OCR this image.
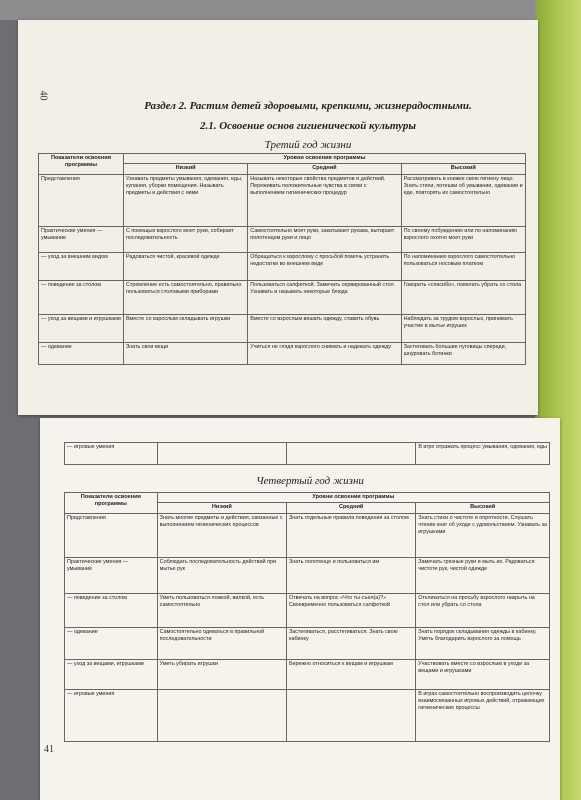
40
Раздел 2. Растим детей здоровыми, крепкими, жизнерадостными.
2.1. Освоение основ гигиенической культуры
Третий год жизни
Показатели освоения программы	Уровни освоения программы		
	Низкий	Средний	Высокий
Представления	Узнавать предметы умывания, одевания, еды, купания, уборки помещения. Называть предметы и действия с ними	Называть некоторые свойства предметов и действий. Переживать положительные чувства в связи с выполнением гигиенических процедур	Рассматривать в книжке свою гигиену лицо. Знать стихи, потешки об умывании, одевании и еде, повторять их самостоятельно
Практические умения — умывание	С помощью взрослого моет руки, собирает последовательность	Самостоятельно моет руки, закатывает рукава, вытирает полотенцем руки и лицо	По своему побуждению или по напоминанию взрослого охотно моет руки
— уход за внешним видом	Радоваться чистой, красивой одежде	Обращаться к взрослому с просьбой помочь устранить недостатки во внешнем виде	По напоминанию взрослого самостоятельно пользоваться носовым платком
— поведение за столом	Стремление есть самостоятельно, правильно пользоваться столовыми приборами	Пользоваться салфеткой. Замечать сервированный стол. Узнавать и называть некоторые блюда	Говорить «спасибо», помогать убрать со стола
— уход за вещами и игрушками	Вместе со взрослым складывать игрушки	Вместе со взрослым вешать одежду, ставить обувь	Наблюдать за трудом взрослых, принимать участие в мытье игрушек
— одевание	Знать свои вещи	Учиться не глядя взрослого снимать и надевать одежду	Застегивать большие пуговицы спереди, шнуровать ботинки
— игровые умения			В игре отражать процесс умывания, одевания, еды
Четвертый год жизни
Показатели освоения программы	Уровни освоения программы		
	Низкий	Средний	Высокий
Представления	Знать многие предметы и действия, связанные с выполнением гигиенических процессов	Знать отдельные правила поведения за столом	Знать стихи о чистоте и опрятности. Слушать чтение книг об уходе с удовольствием. Узнавать за игрушками
Практические умения — умывание	Соблюдать последовательность действий при мытье рук	Знать полотенце и пользоваться им	Замечать грязные руки и мыть их. Радоваться чистоте рук, чистой одежде
— поведение за столом	Уметь пользоваться ложкой, вилкой, есть самостоятельно	Отвечать на вопрос «Что ты съел(а)?» Своевременно пользоваться салфеткой	Откликаться на просьбу взрослого накрыть на стол или убрать со стола
— одевание	Самостоятельно одеваться в правильной последовательности	Застегиваться, расстегиваться. Знать свою кабинку	Знать порядок складывания одежды в кабинку. Уметь благодарить взрослого за помощь
— уход за вещами, игрушками	Уметь убирать игрушки	Бережно относиться к вещам и игрушкам	Участвовать вместе со взрослым в уходе за вещами и игрушками
— игровые умения			В играх самостоятельно воспроизводить цепочку взаимосвязанных игровых действий, отражающих гигиенические процессы
41
